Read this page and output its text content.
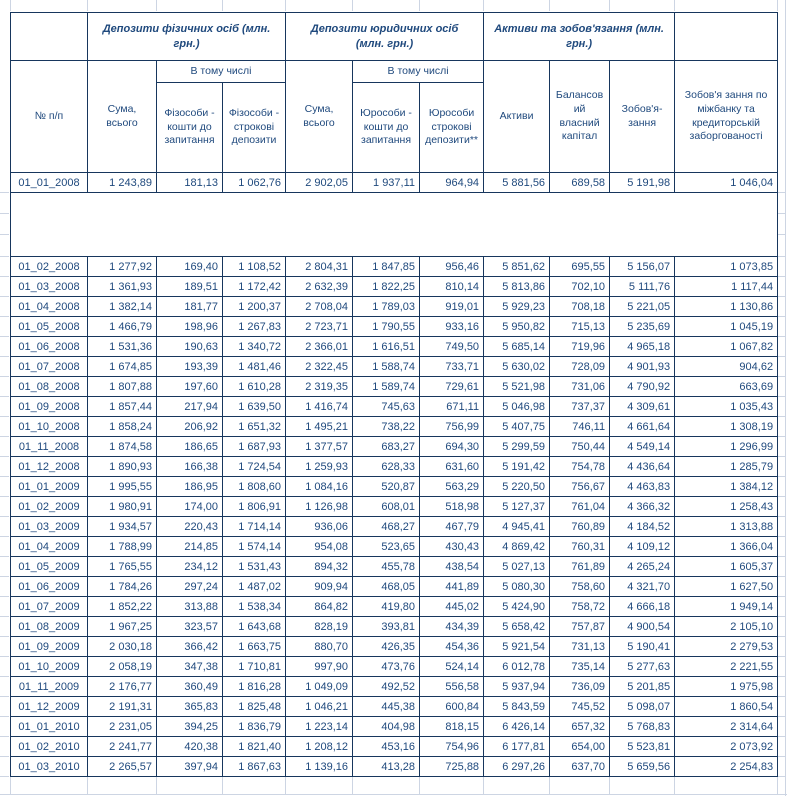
	Депозити фізичних осіб (млн. грн.)			Депозити юридичних осіб (млн. грн.)			Активи та зобов'язання (млн. грн.)			
№ п/п	Сума, всього	В тому числі		Сума, всього	В тому числі		Активи	Балансовий власний капітал	Зобов'я-зання	Зобов'я зання по міжбанку та кредиторській заборгованості
		Фізособи - кошти до запитання	Фізособи - строкові депозити		Юрособи - кошти до запитання	Юрособи строкові депозити**				
01_01_2008	1 243,89	181,13	1 062,76	2 902,05	1 937,11	964,94	5 881,56	689,58	5 191,98	1 046,04

01_02_2008	1 277,92	169,40	1 108,52	2 804,31	1 847,85	956,46	5 851,62	695,55	5 156,07	1 073,85
01_03_2008	1 361,93	189,51	1 172,42	2 632,39	1 822,25	810,14	5 813,86	702,10	5 111,76	1 117,44
01_04_2008	1 382,14	181,77	1 200,37	2 708,04	1 789,03	919,01	5 929,23	708,18	5 221,05	1 130,86
01_05_2008	1 466,79	198,96	1 267,83	2 723,71	1 790,55	933,16	5 950,82	715,13	5 235,69	1 045,19
01_06_2008	1 531,36	190,63	1 340,72	2 366,01	1 616,51	749,50	5 685,14	719,96	4 965,18	1 067,82
01_07_2008	1 674,85	193,39	1 481,46	2 322,45	1 588,74	733,71	5 630,02	728,09	4 901,93	904,62
01_08_2008	1 807,88	197,60	1 610,28	2 319,35	1 589,74	729,61	5 521,98	731,06	4 790,92	663,69
01_09_2008	1 857,44	217,94	1 639,50	1 416,74	745,63	671,11	5 046,98	737,37	4 309,61	1 035,43
01_10_2008	1 858,24	206,92	1 651,32	1 495,21	738,22	756,99	5 407,75	746,11	4 661,64	1 308,19
01_11_2008	1 874,58	186,65	1 687,93	1 377,57	683,27	694,30	5 299,59	750,44	4 549,14	1 296,99
01_12_2008	1 890,93	166,38	1 724,54	1 259,93	628,33	631,60	5 191,42	754,78	4 436,64	1 285,79
01_01_2009	1 995,55	186,95	1 808,60	1 084,16	520,87	563,29	5 220,50	756,67	4 463,83	1 384,12
01_02_2009	1 980,91	174,00	1 806,91	1 126,98	608,01	518,98	5 127,37	761,04	4 366,32	1 258,43
01_03_2009	1 934,57	220,43	1 714,14	936,06	468,27	467,79	4 945,41	760,89	4 184,52	1 313,88
01_04_2009	1 788,99	214,85	1 574,14	954,08	523,65	430,43	4 869,42	760,31	4 109,12	1 366,04
01_05_2009	1 765,55	234,12	1 531,43	894,32	455,78	438,54	5 027,13	761,89	4 265,24	1 605,37
01_06_2009	1 784,26	297,24	1 487,02	909,94	468,05	441,89	5 080,30	758,60	4 321,70	1 627,50
01_07_2009	1 852,22	313,88	1 538,34	864,82	419,80	445,02	5 424,90	758,72	4 666,18	1 949,14
01_08_2009	1 967,25	323,57	1 643,68	828,19	393,81	434,39	5 658,42	757,87	4 900,54	2 105,10
01_09_2009	2 030,18	366,42	1 663,75	880,70	426,35	454,36	5 921,54	731,13	5 190,41	2 279,53
01_10_2009	2 058,19	347,38	1 710,81	997,90	473,76	524,14	6 012,78	735,14	5 277,63	2 221,55
01_11_2009	2 176,77	360,49	1 816,28	1 049,09	492,52	556,58	5 937,94	736,09	5 201,85	1 975,98
01_12_2009	2 191,31	365,83	1 825,48	1 046,21	445,38	600,84	5 843,59	745,52	5 098,07	1 860,54
01_01_2010	2 231,05	394,25	1 836,79	1 223,14	404,98	818,15	6 426,14	657,32	5 768,83	2 314,64
01_02_2010	2 241,77	420,38	1 821,40	1 208,12	453,16	754,96	6 177,81	654,00	5 523,81	2 073,92
01_03_2010	2 265,57	397,94	1 867,63	1 139,16	413,28	725,88	6 297,26	637,70	5 659,56	2 254,83
